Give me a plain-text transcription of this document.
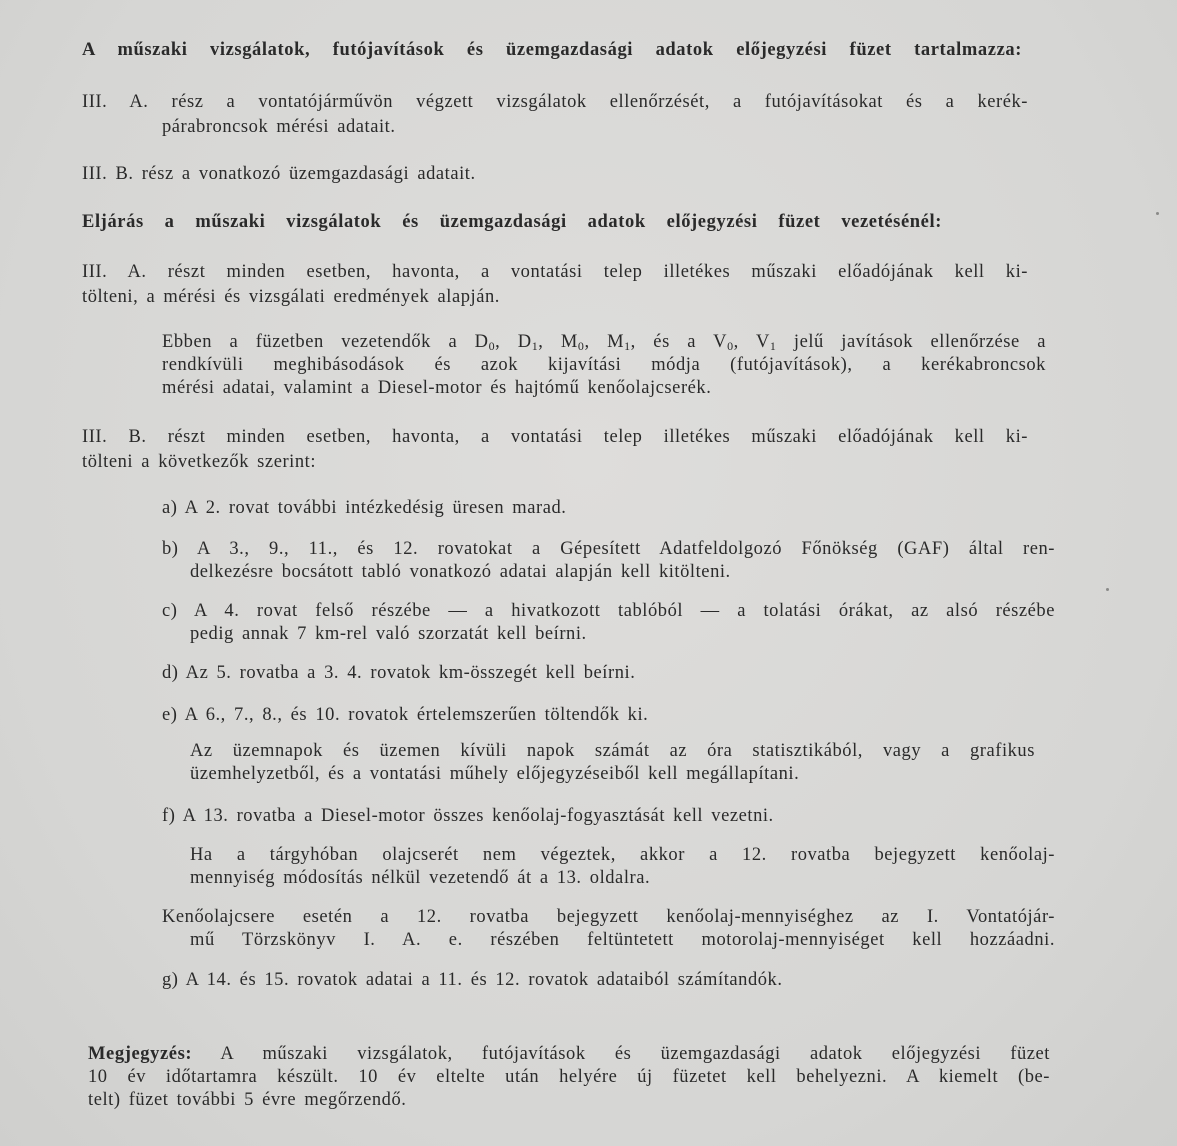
A műszaki vizsgálatok, futójavítások és üzemgazdasági adatok előjegyzési füzet tartalmazza:
III. A. rész a vontatójárművön végzett vizsgálatok ellenőrzését, a futójavításokat és a kerék-
párabroncsok mérési adatait.
III. B. rész a vonatkozó üzemgazdasági adatait.
Eljárás a műszaki vizsgálatok és üzemgazdasági adatok előjegyzési füzet vezetésénél:
III. A. részt minden esetben, havonta, a vontatási telep illetékes műszaki előadójának kell ki-
tölteni, a mérési és vizsgálati eredmények alapján.
Ebben a füzetben vezetendők a $D_0$, $D_1$, $M_0$, $M_1$, és a $V_0$, $V_1$ jelű javítások ellenőrzése a
rendkívüli meghibásodások és azok kijavítási módja (futójavítások), a kerékabroncsok
mérési adatai, valamint a Diesel-motor és hajtómű kenőolajcserék.
III. B. részt minden esetben, havonta, a vontatási telep illetékes műszaki előadójának kell ki-
tölteni a következők szerint:
a) A 2. rovat további intézkedésig üresen marad.
b) A 3., 9., 11., és 12. rovatokat a Gépesített Adatfeldolgozó Főnökség (GAF) által ren-
delkezésre bocsátott tabló vonatkozó adatai alapján kell kitölteni.
c) A 4. rovat felső részébe — a hivatkozott tablóból — a tolatási órákat, az alsó részébe
pedig annak 7 km-rel való szorzatát kell beírni.
d) Az 5. rovatba a 3. 4. rovatok km-összegét kell beírni.
e) A 6., 7., 8., és 10. rovatok értelemszerűen töltendők ki.
Az üzemnapok és üzemen kívüli napok számát az óra statisztikából, vagy a grafikus
üzemhelyzetből, és a vontatási műhely előjegyzéseiből kell megállapítani.
f) A 13. rovatba a Diesel-motor összes kenőolaj-fogyasztását kell vezetni.
Ha a tárgyhóban olajcserét nem végeztek, akkor a 12. rovatba bejegyzett kenőolaj-
mennyiség módosítás nélkül vezetendő át a 13. oldalra.
Kenőolajcsere esetén a 12. rovatba bejegyzett kenőolaj-mennyiséghez az I. Vontatójár-
mű Törzskönyv I. A. e. részében feltüntetett motorolaj-mennyiséget kell hozzáadni.
g) A 14. és 15. rovatok adatai a 11. és 12. rovatok adataiból számítandók.
Megjegyzés: A műszaki vizsgálatok, futójavítások és üzemgazdasági adatok előjegyzési füzet
10 év időtartamra készült. 10 év eltelte után helyére új füzetet kell behelyezni. A kiemelt (be-
telt) füzet további 5 évre megőrzendő.
